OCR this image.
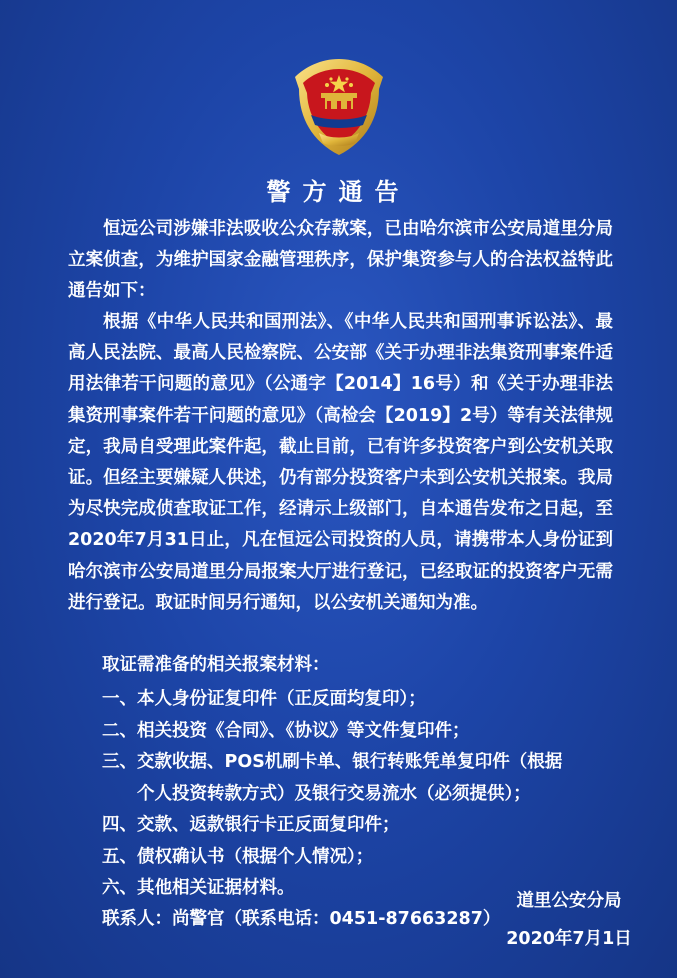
警方通告

恒远公司涉嫌非法吸收公众存款案，已由哈尔滨市公安局道里分局立案侦查，为维护国家金融管理秩序，保护集资参与人的合法权益特此通告如下：

根据《中华人民共和国刑法》、《中华人民共和国刑事诉讼法》、最高人民法院、最高人民检察院、公安部《关于办理非法集资刑事案件适用法律若干问题的意见》（公通字【2014】16号）和《关于办理非法集资刑事案件若干问题的意见》（高检会【2019】2号）等有关法律规定，我局自受理此案件起，截止目前，已有许多投资客户到公安机关取证。但经主要嫌疑人供述，仍有部分投资客户未到公安机关报案。我局为尽快完成侦查取证工作，经请示上级部门，自本通告发布之日起，至2020年7月31日止，凡在恒远公司投资的人员，请携带本人身份证到哈尔滨市公安局道里分局报案大厅进行登记，已经取证的投资客户无需进行登记。取证时间另行通知，以公安机关通知为准。

取证需准备的相关报案材料：

一、本人身份证复印件（正反面均复印）；
二、相关投资《合同》、《协议》等文件复印件；
三、交款收据、POS机刷卡单、银行转账凭单复印件（根据
个人投资转款方式）及银行交易流水（必须提供）；
四、交款、返款银行卡正反面复印件；
五、债权确认书（根据个人情况）；
六、其他相关证据材料。

联系人：尚警官（联系电话：0451-87663287）

道里公安分局
2020年7月1日
